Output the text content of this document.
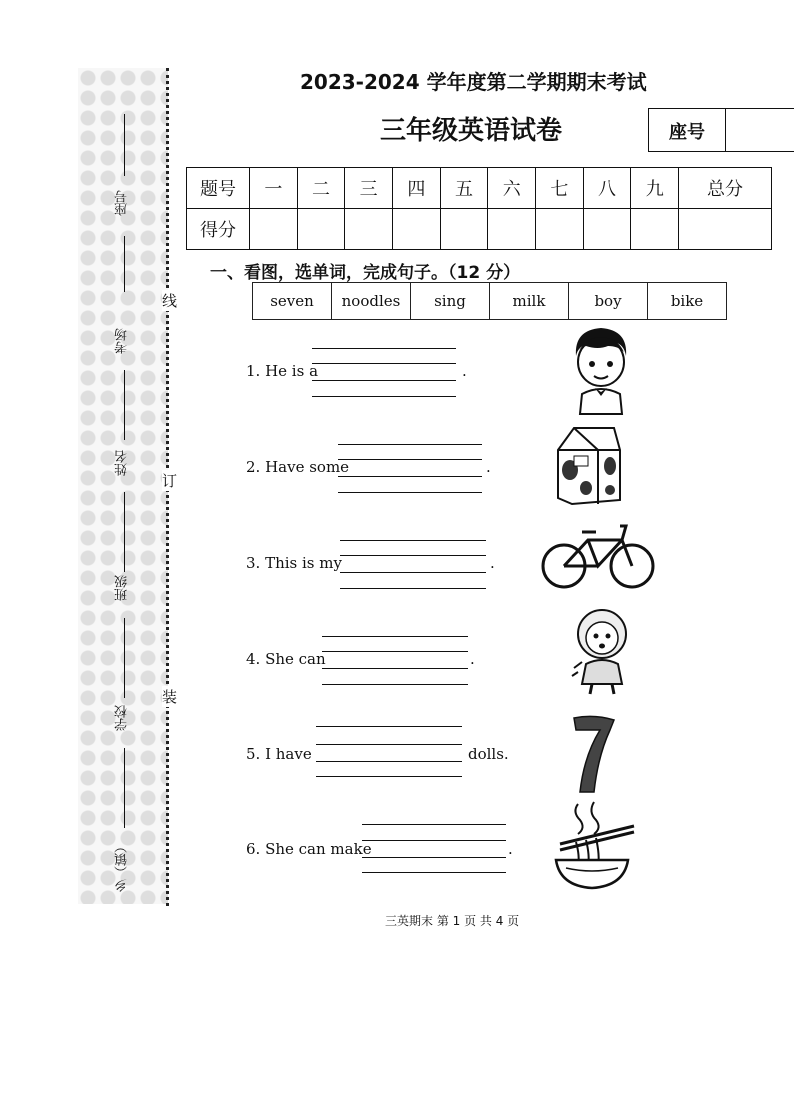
座号
考场
姓名
班级
学校
乡（镇）
线
订
装
2023-2024 学年度第二学期期末考试
三年级英语试卷	座号
题号	一	二	三	四	五	六	七	八	九	总分
得分										
一、看图，选单词，完成句子。（12 分）
seven	noodles	sing	milk	boy	bike
1. He is a	.
2. Have some	.
3. This is my	.
4. She can	.
5. I have	dolls.
6. She can make	.
三英期末 第 1 页 共 4 页
